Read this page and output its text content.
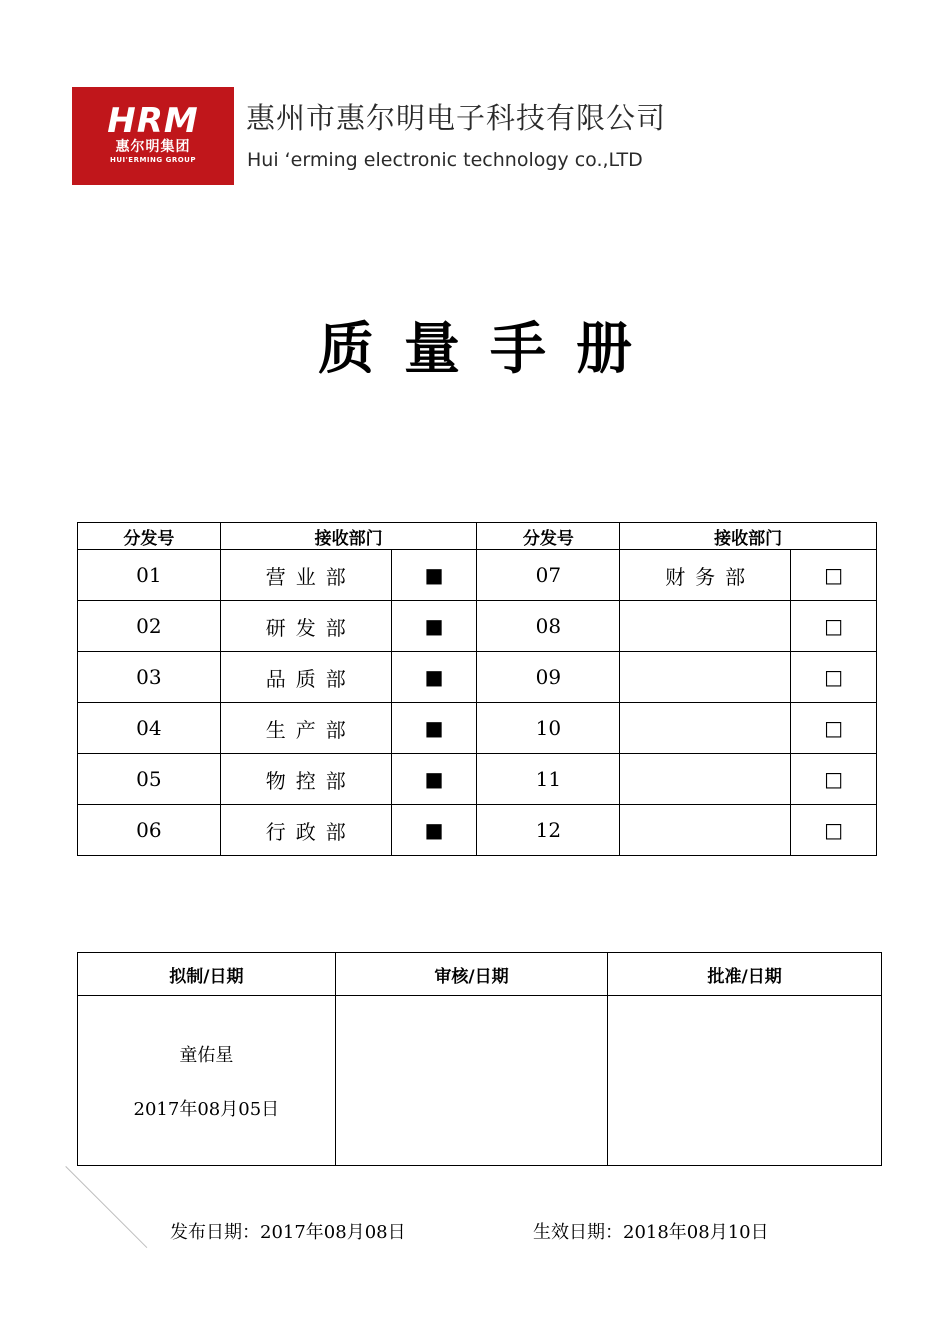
HRM
惠尔明集团
HUI'ERMING GROUP
惠州市惠尔明电子科技有限公司
Hui ‘erming electronic technology co.,LTD
质量手册
分发号	接收部门		分发号	接收部门	
01	营业部	■	07	财务部	□
02	研发部	■	08		□
03	品质部	■	09		□
04	生产部	■	10		□
05	物控部	■	11		□
06	行政部	■	12		□
拟制/日期	审核/日期	批准/日期

童佑星
2017年08月05日		

发布日期：2017年08月08日	生效日期：2018年08月10日
